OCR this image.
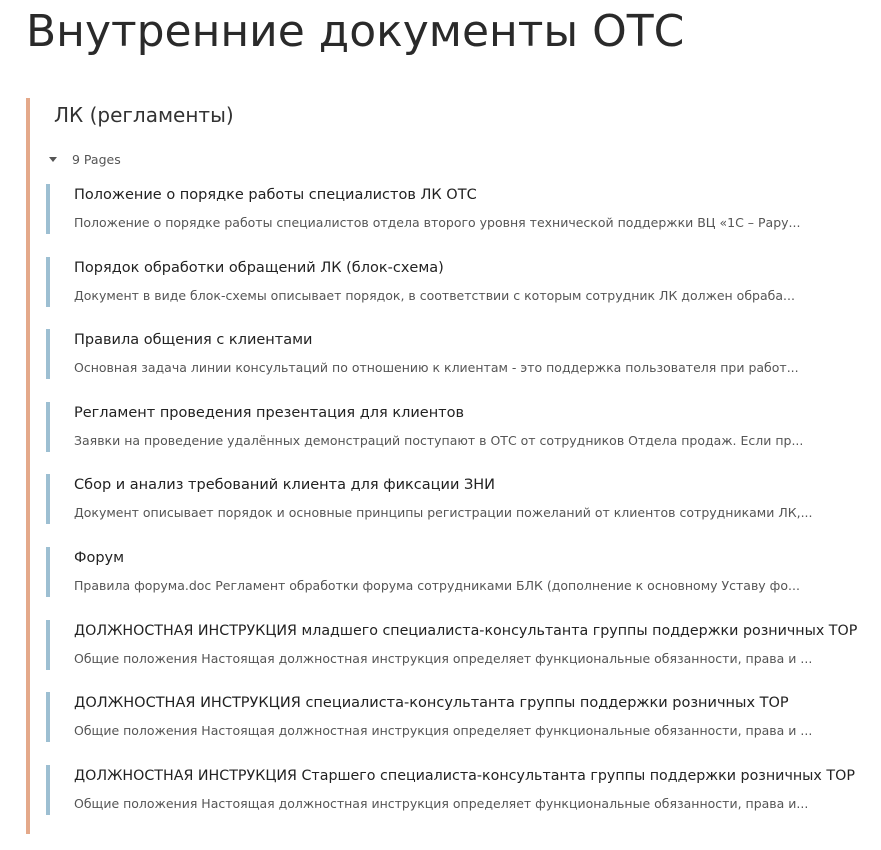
Внутренние документы ОТС
ЛК (регламенты)
9 Pages
Положение о порядке работы специалистов ЛК ОТС
Положение о порядке работы специалистов отдела второго уровня технической поддержки ВЦ «1С – Рару...
Порядок обработки обращений ЛК (блок-схема)
Документ в виде блок-схемы описывает порядок, в соответствии с которым сотрудник ЛК должен обраба...
Правила общения с клиентами
Основная задача линии консультаций по отношению к клиентам - это поддержка пользователя при работ...
Регламент проведения презентация для клиентов
Заявки на проведение удалённых демонстраций поступают в ОТС от сотрудников Отдела продаж. Если пр...
Сбор и анализ требований клиента для фиксации ЗНИ
Документ описывает порядок и основные принципы регистрации пожеланий от клиентов сотрудниками ЛК,...
Форум
Правила форума.doc Регламент обработки форума сотрудниками БЛК (дополнение к основному Уставу фо...
ДОЛЖНОСТНАЯ ИНСТРУКЦИЯ младшего специалиста-консультанта группы поддержки розничных ТОР
Общие положения Настоящая должностная инструкция определяет функциональные обязанности, права и ...
ДОЛЖНОСТНАЯ ИНСТРУКЦИЯ специалиста-консультанта группы поддержки розничных ТОР
Общие положения Настоящая должностная инструкция определяет функциональные обязанности, права и ...
ДОЛЖНОСТНАЯ ИНСТРУКЦИЯ Старшего специалиста-консультанта группы поддержки розничных ТОР
Общие положения Настоящая должностная инструкция определяет функциональные обязанности, права и...
